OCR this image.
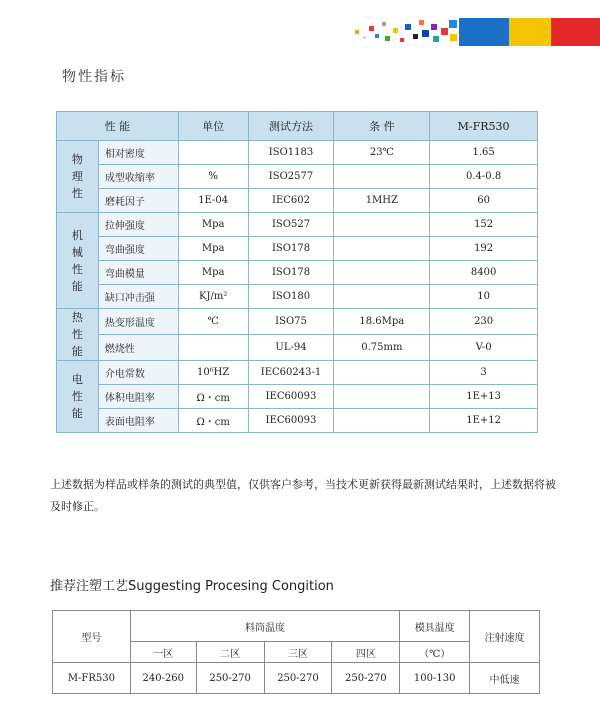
物性指标
性 能		单位	测试方法	条 件	M-FR530

物
理
性	相对密度		ISO1183	23℃	1.65
	成型收缩率	%	ISO2577		0.4-0.8
	磨耗因子	1E-04	IEC602	1MHZ	60

机
械
性
能	拉伸强度	Mpa	ISO527		152
	弯曲强度	Mpa	ISO178		192
	弯曲模量	Mpa	ISO178		8400
	缺口冲击强	KJ/m²	ISO180		10

热
性
能	热变形温度	℃	ISO75	18.6Mpa	230
	燃烧性		UL-94	0.75mm	V-0

电
性
能	介电常数	10⁶HZ	IEC60243-1		3
	体积电阻率	Ω・cm	IEC60093		1E+13
	表面电阻率	Ω・cm	IEC60093		1E+12
上述数据为样品或样条的测试的典型值，仅供客户参考，当技术更新获得最新测试结果时，上述数据将被及时修正。
推荐注塑工艺Suggesting Procesing Congition
型号	料筒温度				模具温度	注射速度
	一区	二区	三区	四区	（℃）	
M-FR530	240-260	250-270	250-270	250-270	100-130	中低速
